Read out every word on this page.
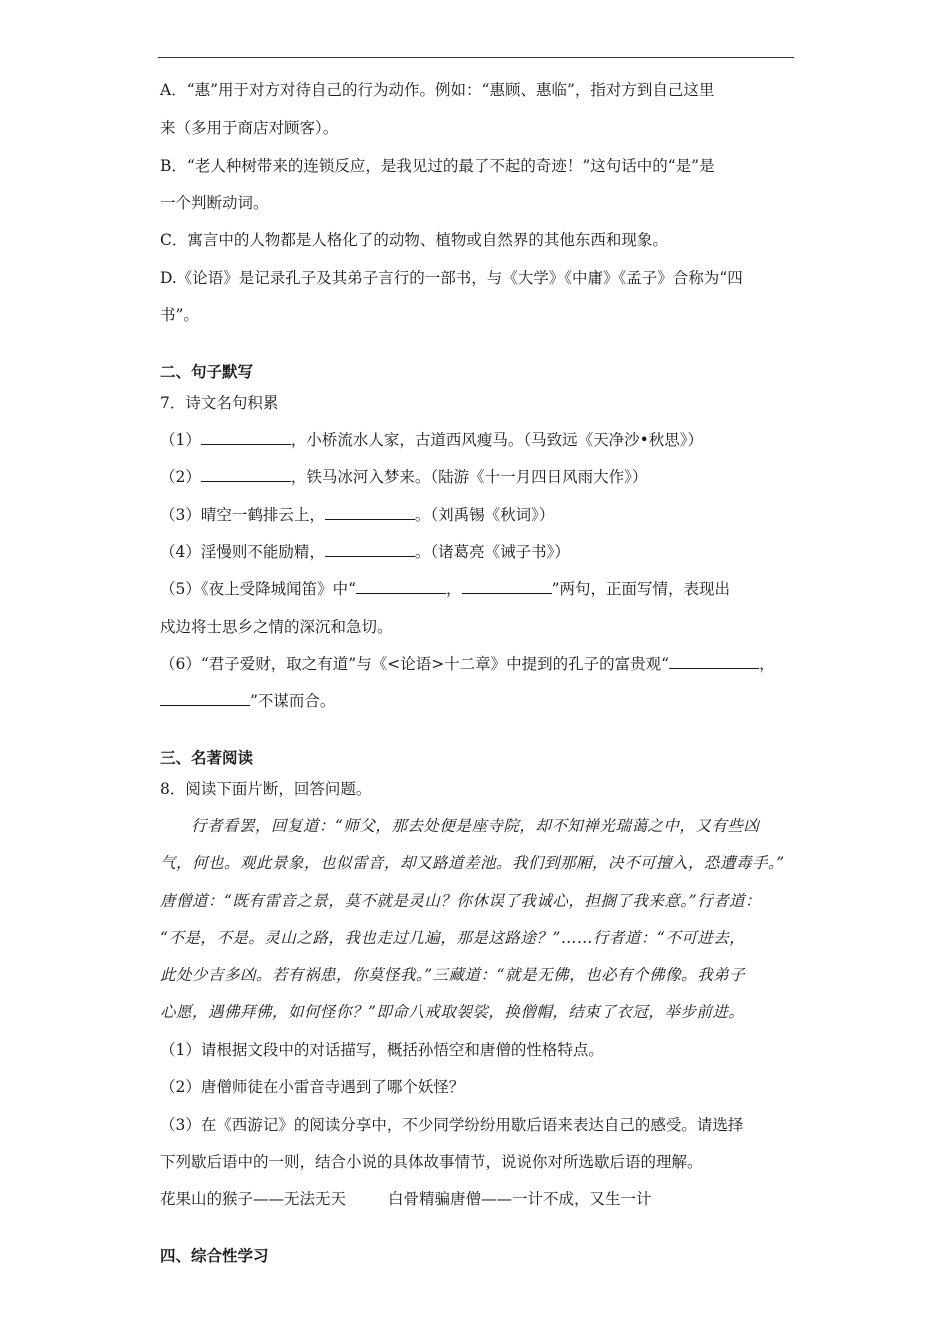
A．“惠”用于对方对待自己的行为动作。例如：“惠顾、惠临”，指对方到自己这里
来（多用于商店对顾客）。
B．“老人种树带来的连锁反应，是我见过的最了不起的奇迹！”这句话中的“是”是
一个判断动词。
C．寓言中的人物都是人格化了的动物、植物或自然界的其他东西和现象。
D.《论语》是记录孔子及其弟子言行的一部书，与《大学》《中庸》《孟子》合称为“四
书”。
二、句子默写
7．诗文名句积累
（1）	，小桥流水人家，古道西风瘦马。（马致远《天净沙•秋思》）
（2）	，铁马冰河入梦来。（陆游《十一月四日风雨大作》）
（3）晴空一鹤排云上，	。（刘禹锡《秋词》）
（4）淫慢则不能励精，	。（诸葛亮《诫子书》）
（5）《夜上受降城闻笛》中“	，	”两句，正面写情，表现出
戍边将士思乡之情的深沉和急切。
（6）“君子爱财，取之有道”与《<论语>十二章》中提到的孔子的富贵观“	，
”不谋而合。
三、名著阅读
8．阅读下面片断，回答问题。
行者看罢，回复道：“师父，那去处便是座寺院，却不知禅光瑞蔼之中，又有些凶
气，何也。观此景象，也似雷音，却又路道差池。我们到那厢，决不可擅入，恐遭毒手。”
唐僧道：“既有雷音之景，莫不就是灵山？你休误了我诚心，担搁了我来意。”行者道：
“不是，不是。灵山之路，我也走过几遍，那是这路途？”……行者道：“不可进去，
此处少吉多凶。若有祸患，你莫怪我。”三藏道：“就是无佛，也必有个佛像。我弟子
心愿，遇佛拜佛，如何怪你？”即命八戒取袈裟，换僧帽，结束了衣冠，举步前进。
（1）请根据文段中的对话描写，概括孙悟空和唐僧的性格特点。
（2）唐僧师徒在小雷音寺遇到了哪个妖怪？
（3）在《西游记》的阅读分享中，不少同学纷纷用歇后语来表达自己的感受。请选择
下列歇后语中的一则，结合小说的具体故事情节，说说你对所选歇后语的理解。
花果山的猴子——无法无天	白骨精骗唐僧——一计不成，又生一计
四、综合性学习
